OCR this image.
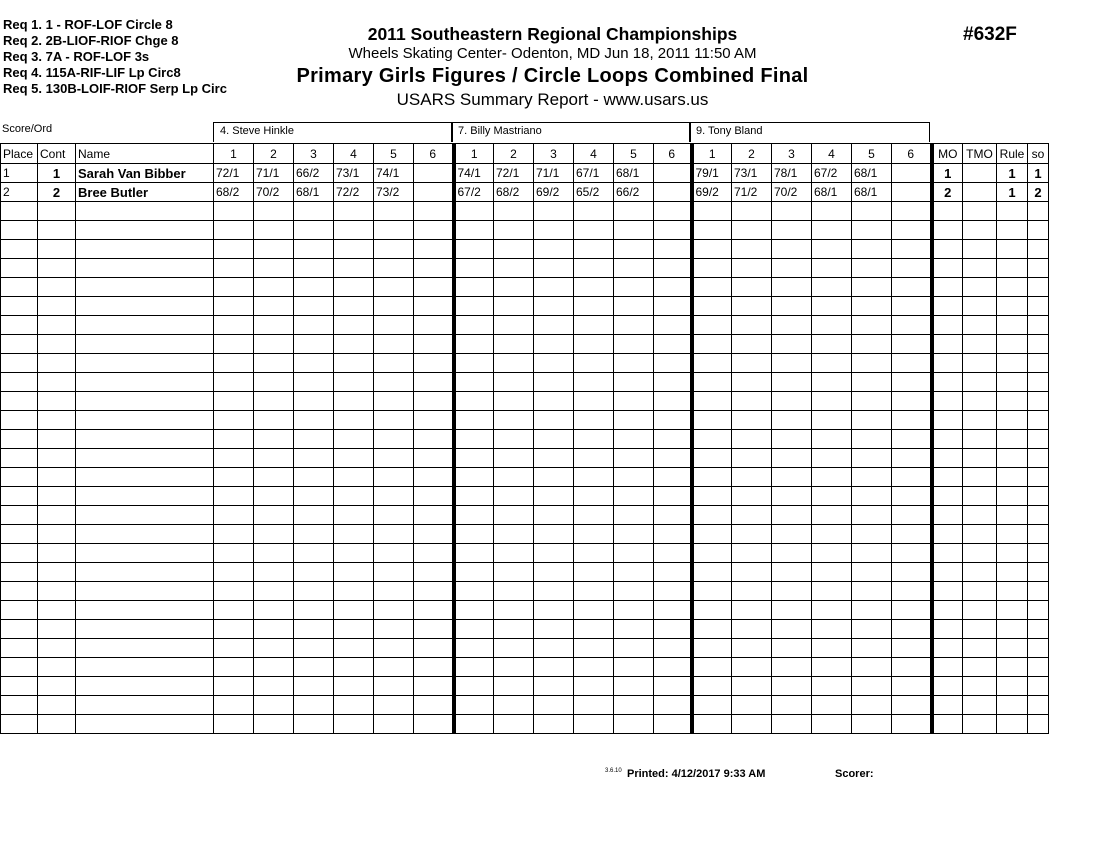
Req 1. 1 - ROF-LOF Circle 8
Req 2. 2B-LIOF-RIOF Chge 8
Req 3. 7A - ROF-LOF 3s
Req 4. 115A-RIF-LIF Lp Circ8
Req 5. 130B-LOIF-RIOF Serp Lp Circ
2011 Southeastern Regional Championships
Wheels Skating Center- Odenton, MD Jun 18, 2011 11:50 AM
Primary Girls Figures / Circle Loops Combined Final
USARS Summary Report - www.usars.us
#632F
Score/Ord	4. Steve Hinkle	7. Billy Mastriano	9. Tony Bland
Place	Cont	Name	1	2	3	4	5	6	1	2	3	4	5	6	1	2	3	4	5	6	MO	TMO	Rule	so
1	1	Sarah Van Bibber	72/1	71/1	66/2	73/1	74/1		74/1	72/1	71/1	67/1	68/1		79/1	73/1	78/1	67/2	68/1		1		1	1
2	2	Bree Butler	68/2	70/2	68/1	72/2	73/2		67/2	68/2	69/2	65/2	66/2		69/2	71/2	70/2	68/1	68/1		2		1	2

3.6.10 Printed: 4/12/2017 9:33 AM	Scorer:
